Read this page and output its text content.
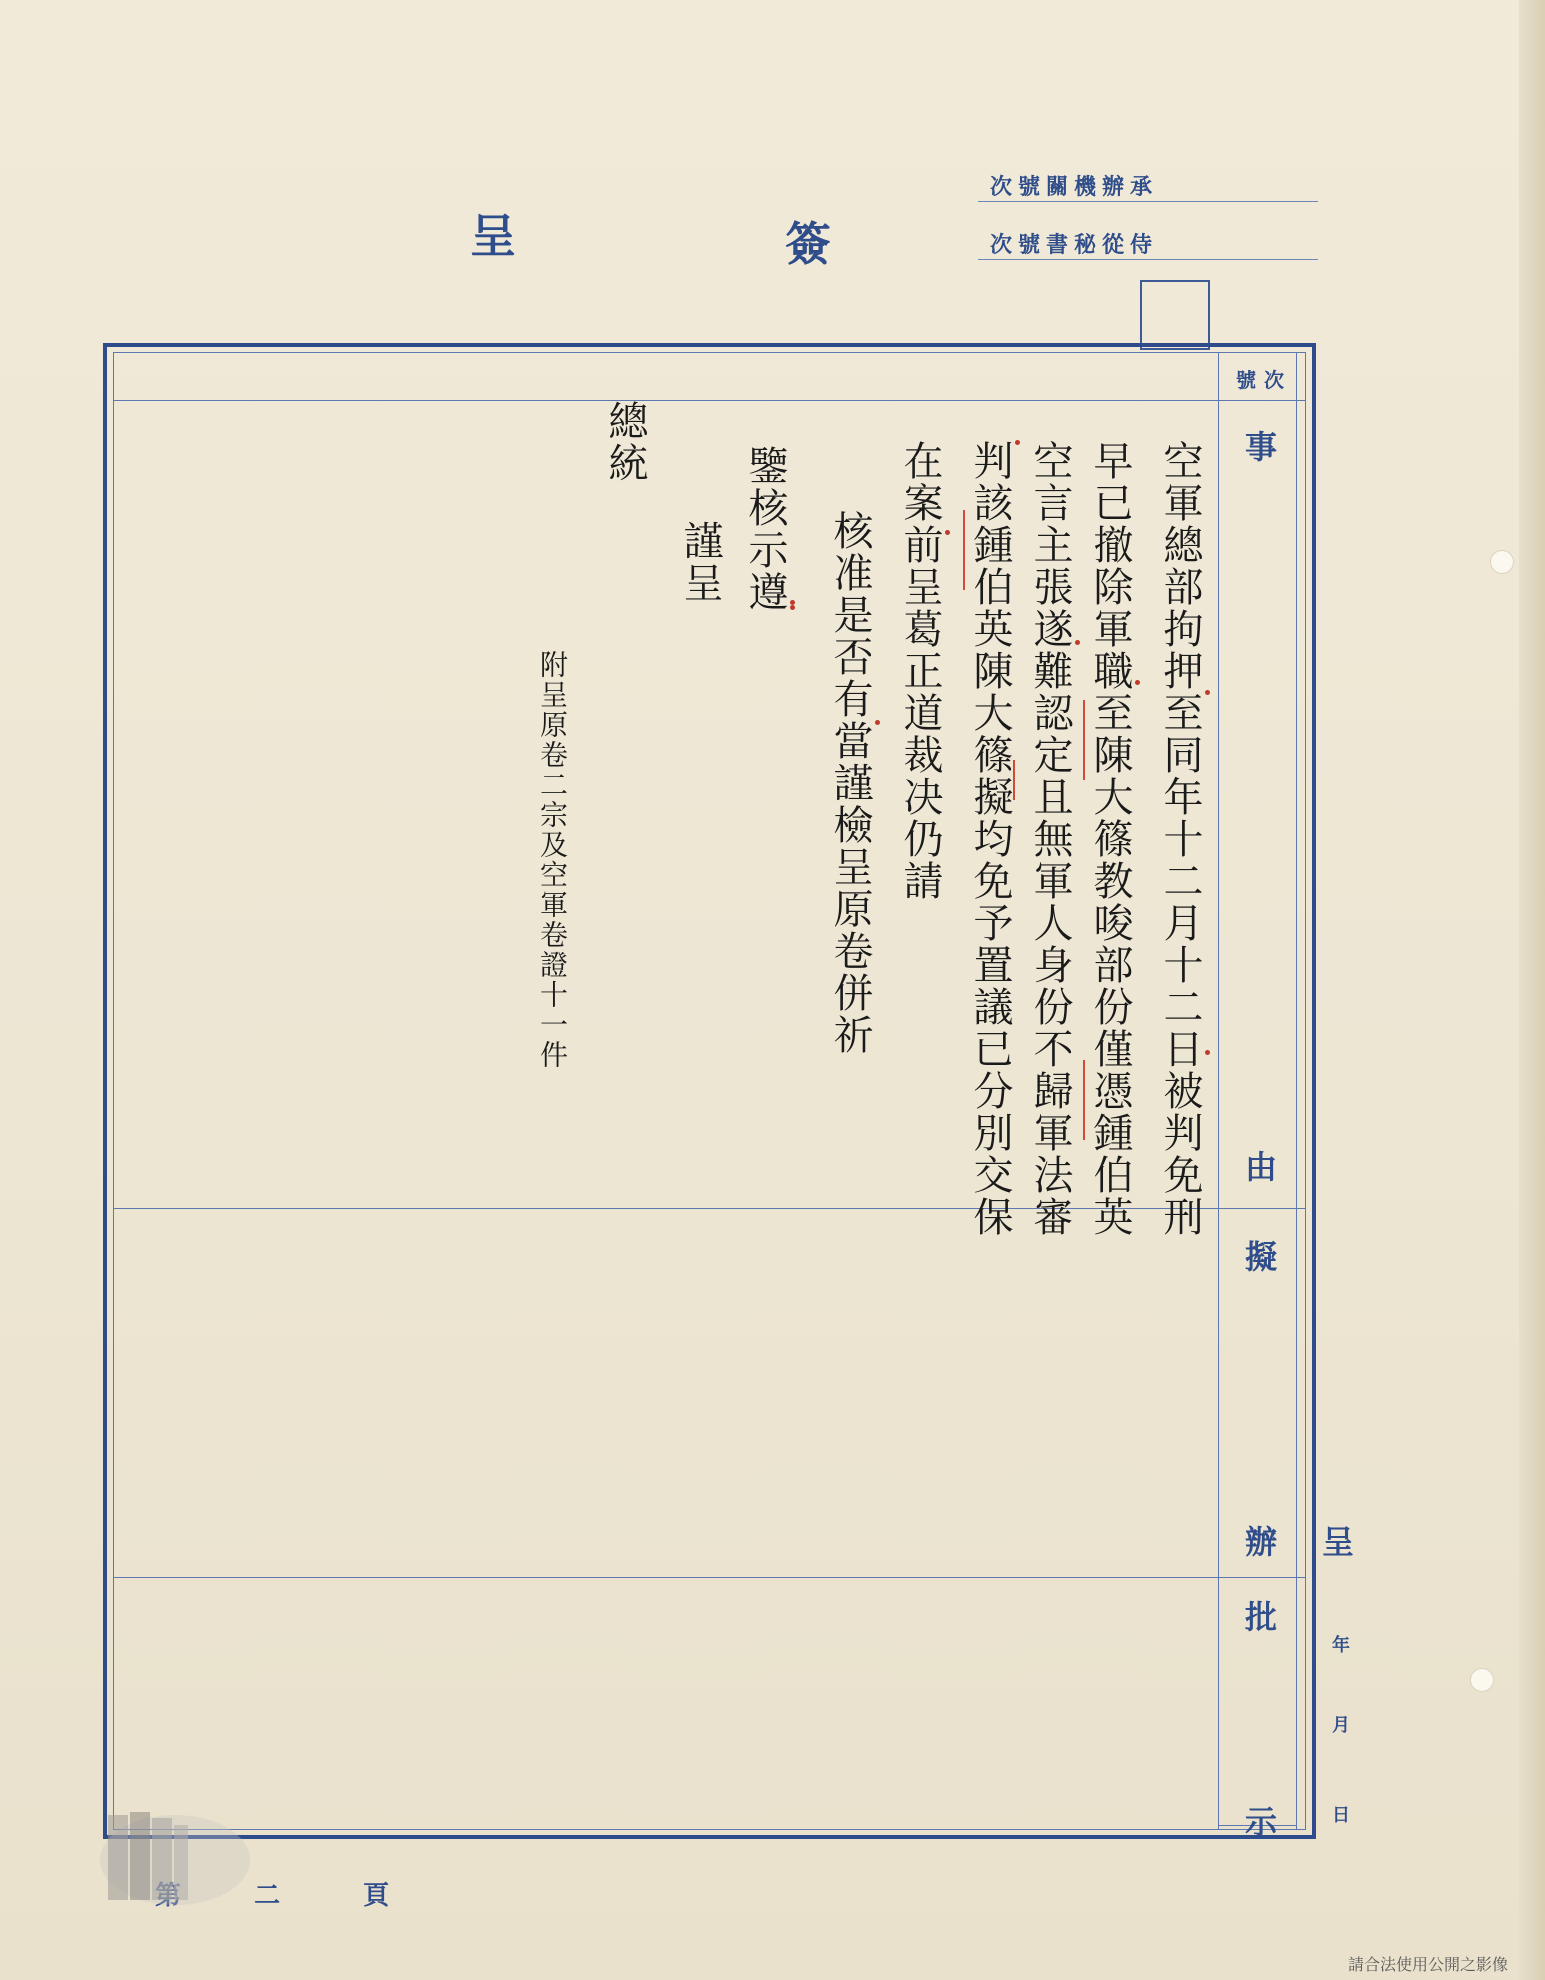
呈	簽
次號關機辦承
次號書秘從侍
號次
事
由
擬
辦
批
示
呈
年
月
日
空軍總部拘押至同年十二月十二日被判免刑
早已撤除軍職至陳大篠教唆部份僅憑鍾伯英
空言主張遂難認定且無軍人身份不歸軍法審
判該鍾伯英陳大篠擬均免予置議已分別交保
在案前呈葛正道裁决仍請
核准是否有當謹檢呈原卷併祈
鑒核示遵
謹呈
總統
附呈原卷二宗及空軍卷證十一件
二	頁
請合法使用公開之影像
